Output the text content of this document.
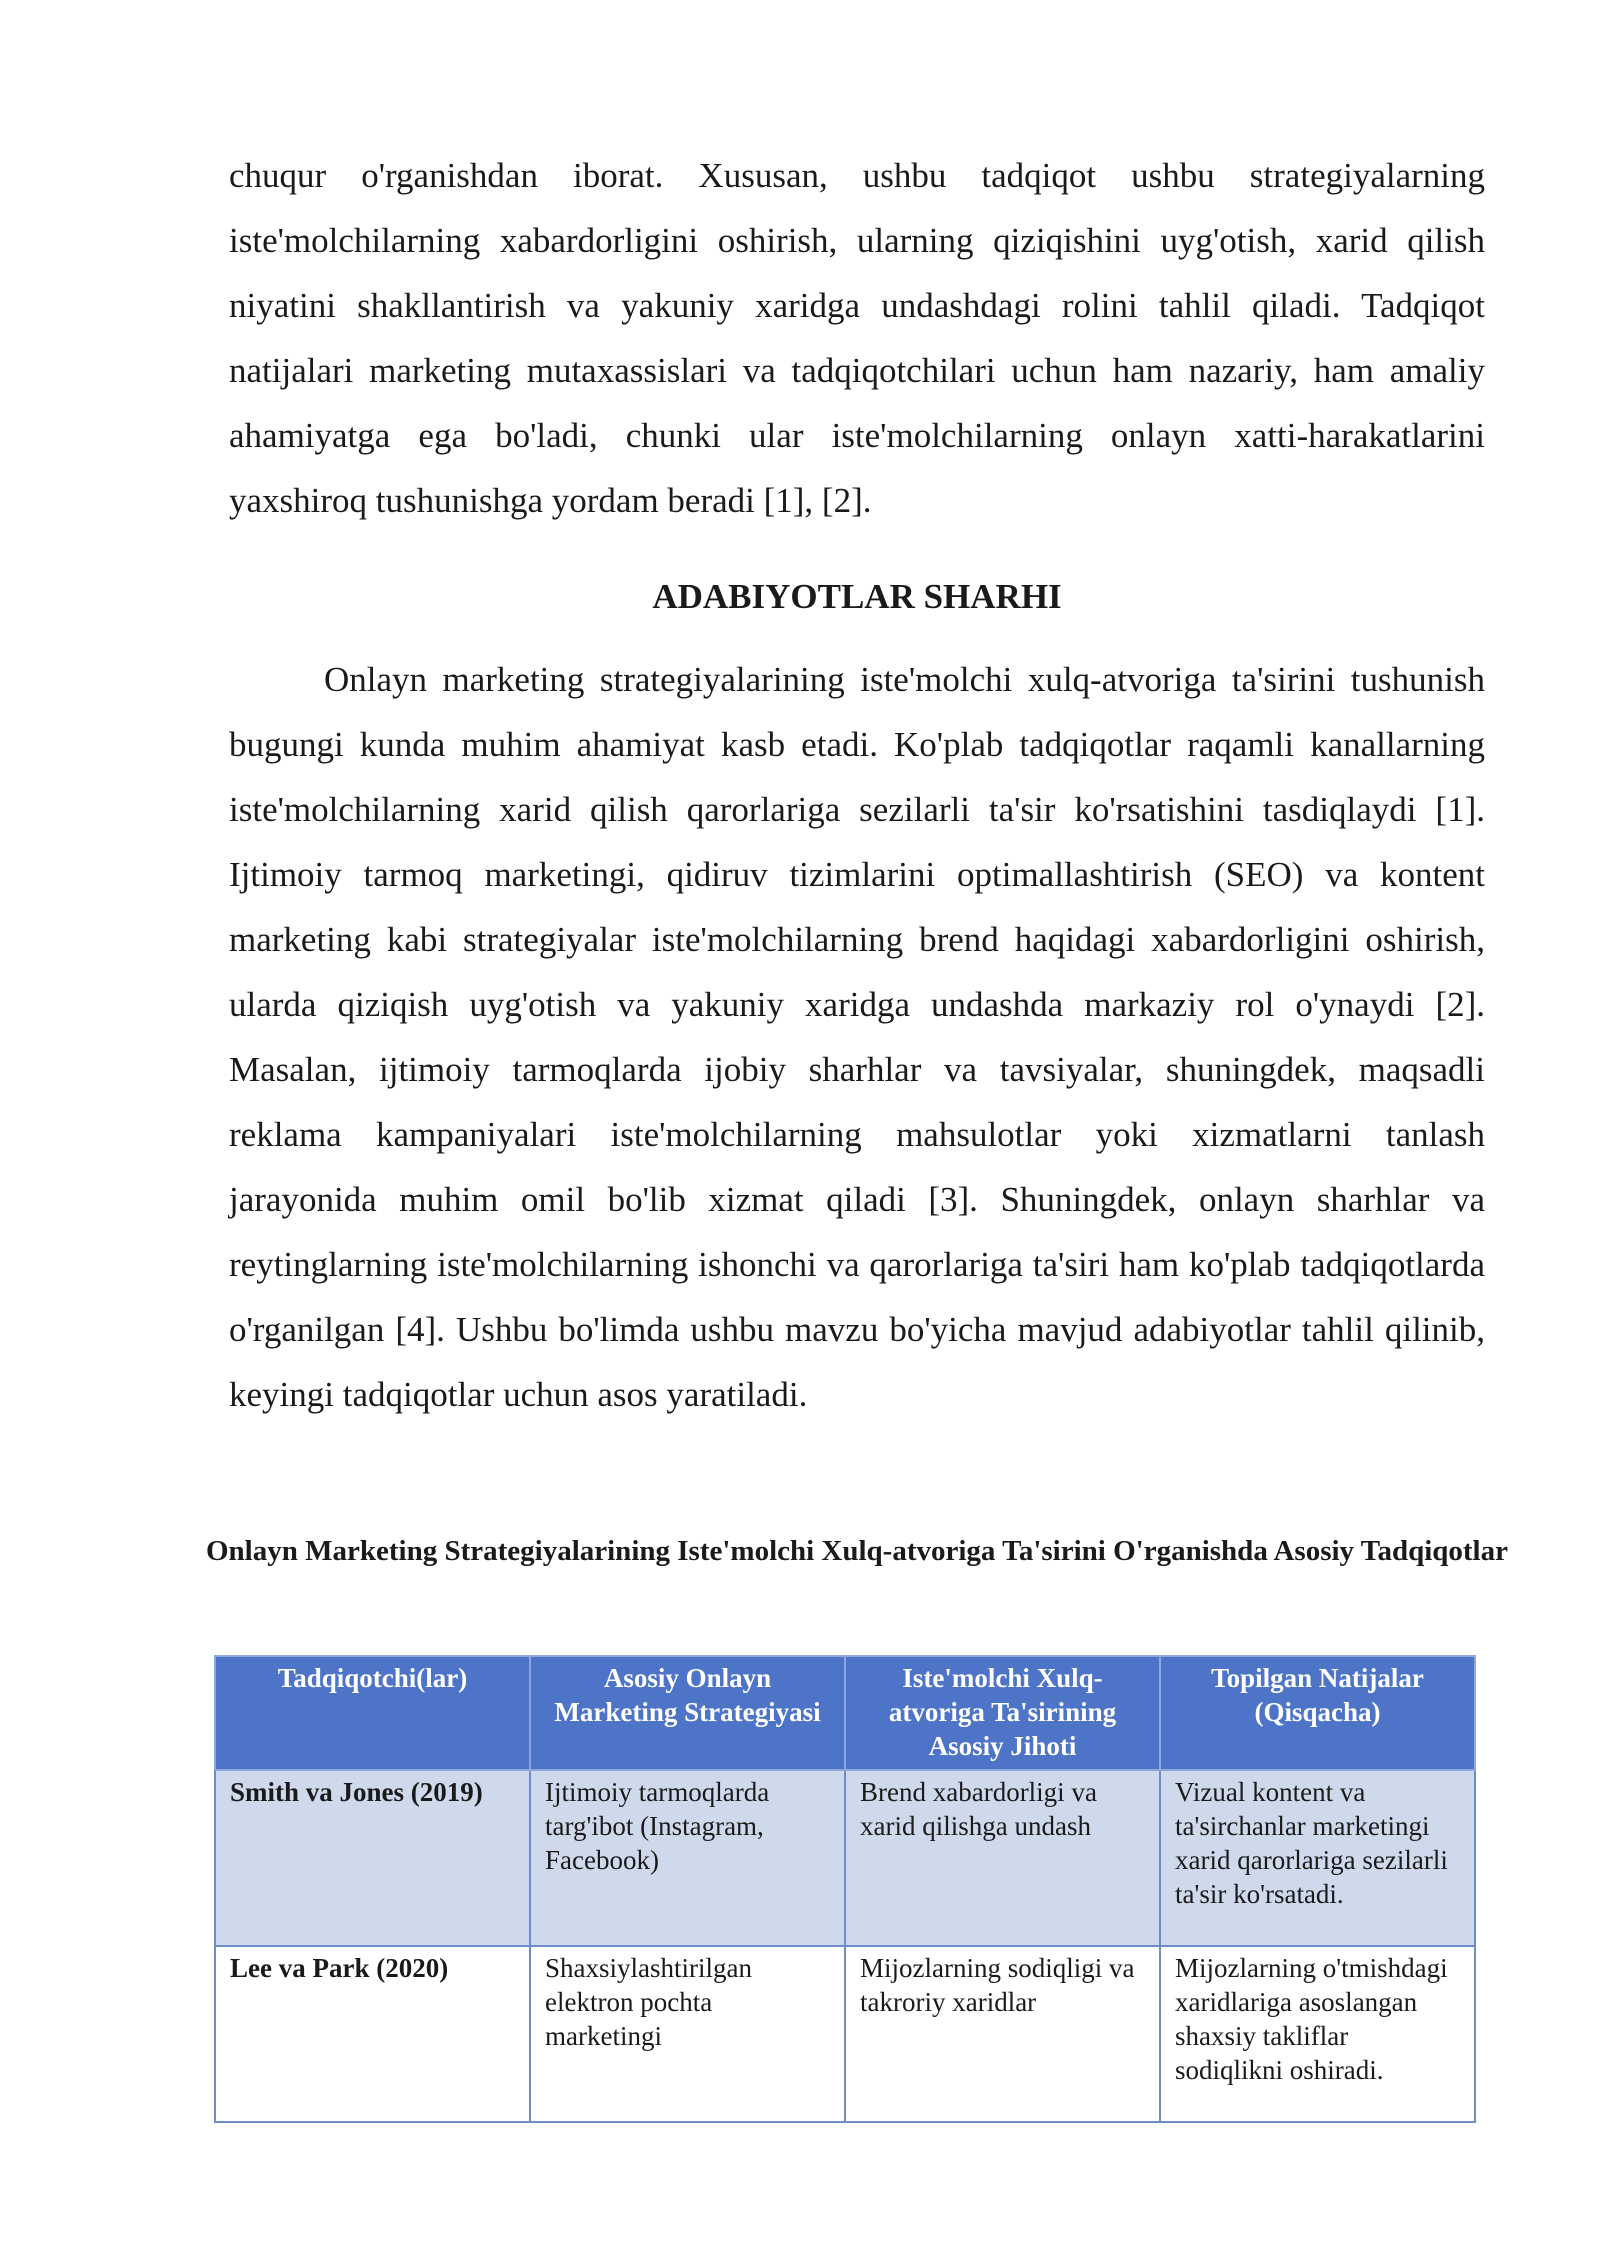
chuqur o'rganishdan iborat. Xususan, ushbu tadqiqot ushbu strategiyalarning iste'molchilarning xabardorligini oshirish, ularning qiziqishini uyg'otish, xarid qilish niyatini shakllantirish va yakuniy xaridga undashdagi rolini tahlil qiladi. Tadqiqot natijalari marketing mutaxassislari va tadqiqotchilari uchun ham nazariy, ham amaliy ahamiyatga ega bo'ladi, chunki ular iste'molchilarning onlayn xatti-harakatlarini yaxshiroq tushunishga yordam beradi [1], [2].

ADABIYOTLAR SHARHI

Onlayn marketing strategiyalarining iste'molchi xulq-atvoriga ta'sirini tushunish bugungi kunda muhim ahamiyat kasb etadi. Ko'plab tadqiqotlar raqamli kanallarning iste'molchilarning xarid qilish qarorlariga sezilarli ta'sir ko'rsatishini tasdiqlaydi [1]. Ijtimoiy tarmoq marketingi, qidiruv tizimlarini optimallashtirish (SEO) va kontent marketing kabi strategiyalar iste'molchilarning brend haqidagi xabardorligini oshirish, ularda qiziqish uyg'otish va yakuniy xaridga undashda markaziy rol o'ynaydi [2]. Masalan, ijtimoiy tarmoqlarda ijobiy sharhlar va tavsiyalar, shuningdek, maqsadli reklama kampaniyalari iste'molchilarning mahsulotlar yoki xizmatlarni tanlash jarayonida muhim omil bo'lib xizmat qiladi [3]. Shuningdek, onlayn sharhlar va reytinglarning iste'molchilarning ishonchi va qarorlariga ta'siri ham ko'plab tadqiqotlarda o'rganilgan [4]. Ushbu bo'limda ushbu mavzu bo'yicha mavjud adabiyotlar tahlil qilinib, keyingi tadqiqotlar uchun asos yaratiladi.

Onlayn Marketing Strategiyalarining Iste'molchi Xulq-atvoriga Ta'sirini O'rganishda Asosiy Tadqiqotlar

Tadqiqotchi(lar)	Asosiy Onlayn Marketing Strategiyasi	Iste'molchi Xulq-atvoriga Ta'sirining Asosiy Jihoti	Topilgan Natijalar (Qisqacha)
Smith va Jones (2019)	Ijtimoiy tarmoqlarda targ'ibot (Instagram, Facebook)	Brend xabardorligi va xarid qilishga undash	Vizual kontent va ta'sirchanlar marketingi xarid qarorlariga sezilarli ta'sir ko'rsatadi.
Lee va Park (2020)	Shaxsiylashtirilgan elektron pochta marketingi	Mijozlarning sodiqligi va takroriy xaridlar	Mijozlarning o'tmishdagi xaridlariga asoslangan shaxsiy takliflar sodiqlikni oshiradi.
